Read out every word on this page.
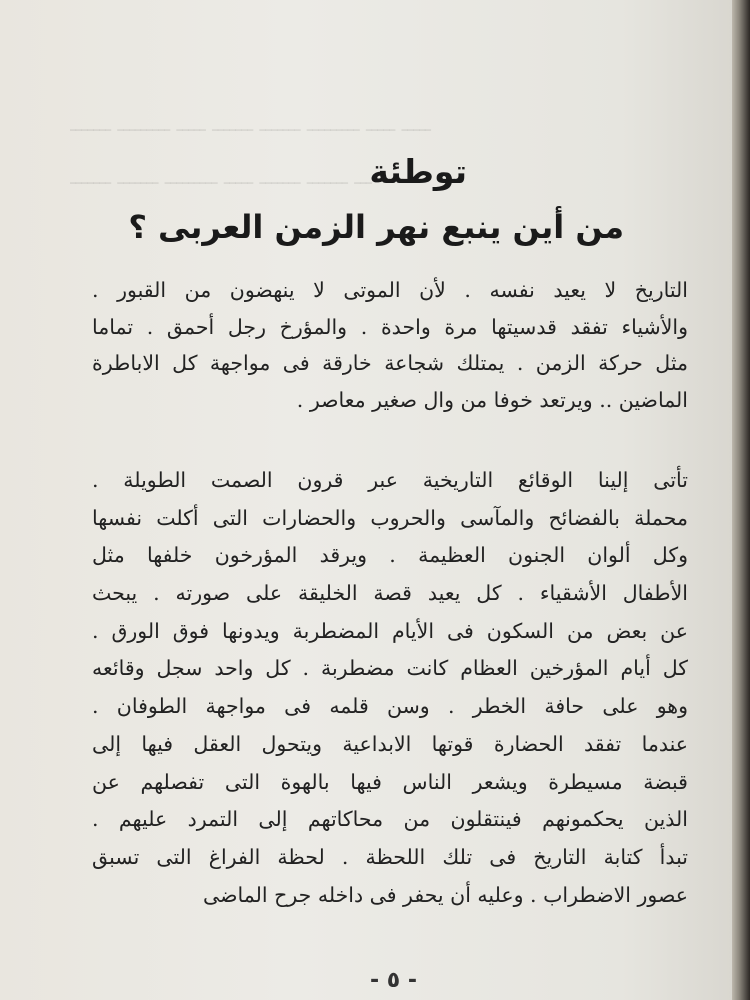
ـــــــ ـــــــــ ـــــ ـــــــ ـــــــ ـــــــــ ـــــ ـــــ
ـــــــ ـــــــ ـــــــــ ـــــ ـــــــ ـــــــ ـــ
توطئة
من أين ينبع نهر الزمن العربى ؟
التاريخ لا يعيد نفسه . لأن الموتى لا ينهضون من القبور .
والأشياء تفقد قدسيتها مرة واحدة . والمؤرخ رجل أحمق . تماما
مثل حركة الزمن . يمتلك شجاعة خارقة فى مواجهة كل الاباطرة
الماضين .. ويرتعد خوفا من وال صغير معاصر .
تأتى إلينا الوقائع التاريخية عبر قرون الصمت الطويلة .
محملة بالفضائح والمآسى والحروب والحضارات التى أكلت نفسها
وكل ألوان الجنون العظيمة . ويرقد المؤرخون خلفها مثل
الأطفال الأشقياء . كل يعيد قصة الخليقة على صورته . يبحث
عن بعض من السكون فى الأيام المضطربة ويدونها فوق الورق .
كل أيام المؤرخين العظام كانت مضطربة . كل واحد سجل وقائعه
وهو على حافة الخطر . وسن قلمه فى مواجهة الطوفان .
عندما تفقد الحضارة قوتها الابداعية ويتحول العقل فيها إلى
قبضة مسيطرة ويشعر الناس فيها بالهوة التى تفصلهم عن
الذين يحكمونهم فينتقلون من محاكاتهم إلى التمرد عليهم .
تبدأ كتابة التاريخ فى تلك اللحظة . لحظة الفراغ التى تسبق
عصور الاضطراب . وعليه أن يحفر فى داخله جرح الماضى
- ٥ -
